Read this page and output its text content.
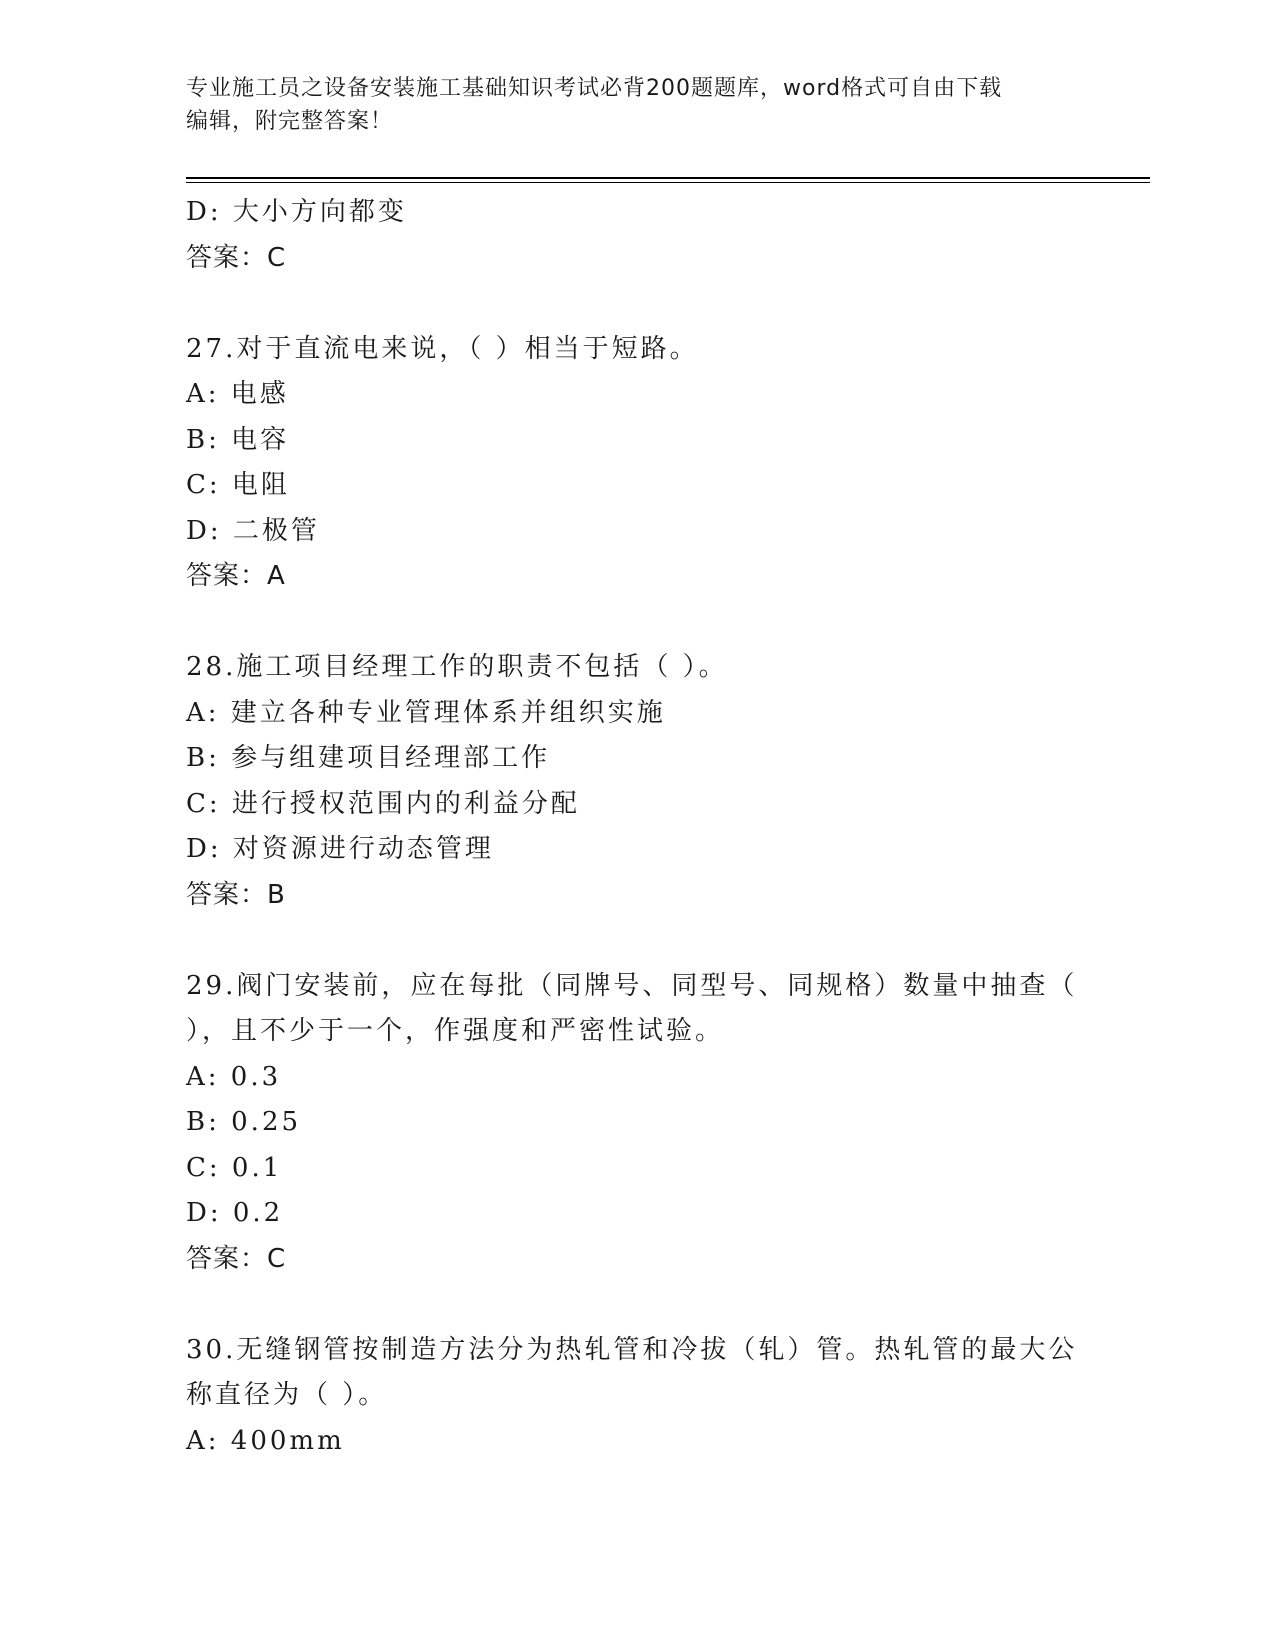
专业施工员之设备安装施工基础知识考试必背200题题库，word格式可自由下载
编辑，附完整答案！
D: 大小方向都变
答案：C
27.对于直流电来说，（ ）相当于短路。
A: 电感
B: 电容
C: 电阻
D: 二极管
答案：A
28.施工项目经理工作的职责不包括（ ）。
A: 建立各种专业管理体系并组织实施
B: 参与组建项目经理部工作
C: 进行授权范围内的利益分配
D: 对资源进行动态管理
答案：B
29.阀门安装前，应在每批（同牌号、同型号、同规格）数量中抽查（
），且不少于一个，作强度和严密性试验。
A: 0.3
B: 0.25
C: 0.1
D: 0.2
答案：C
30.无缝钢管按制造方法分为热轧管和冷拔（轧）管。热轧管的最大公
称直径为（ ）。
A: 400mm
